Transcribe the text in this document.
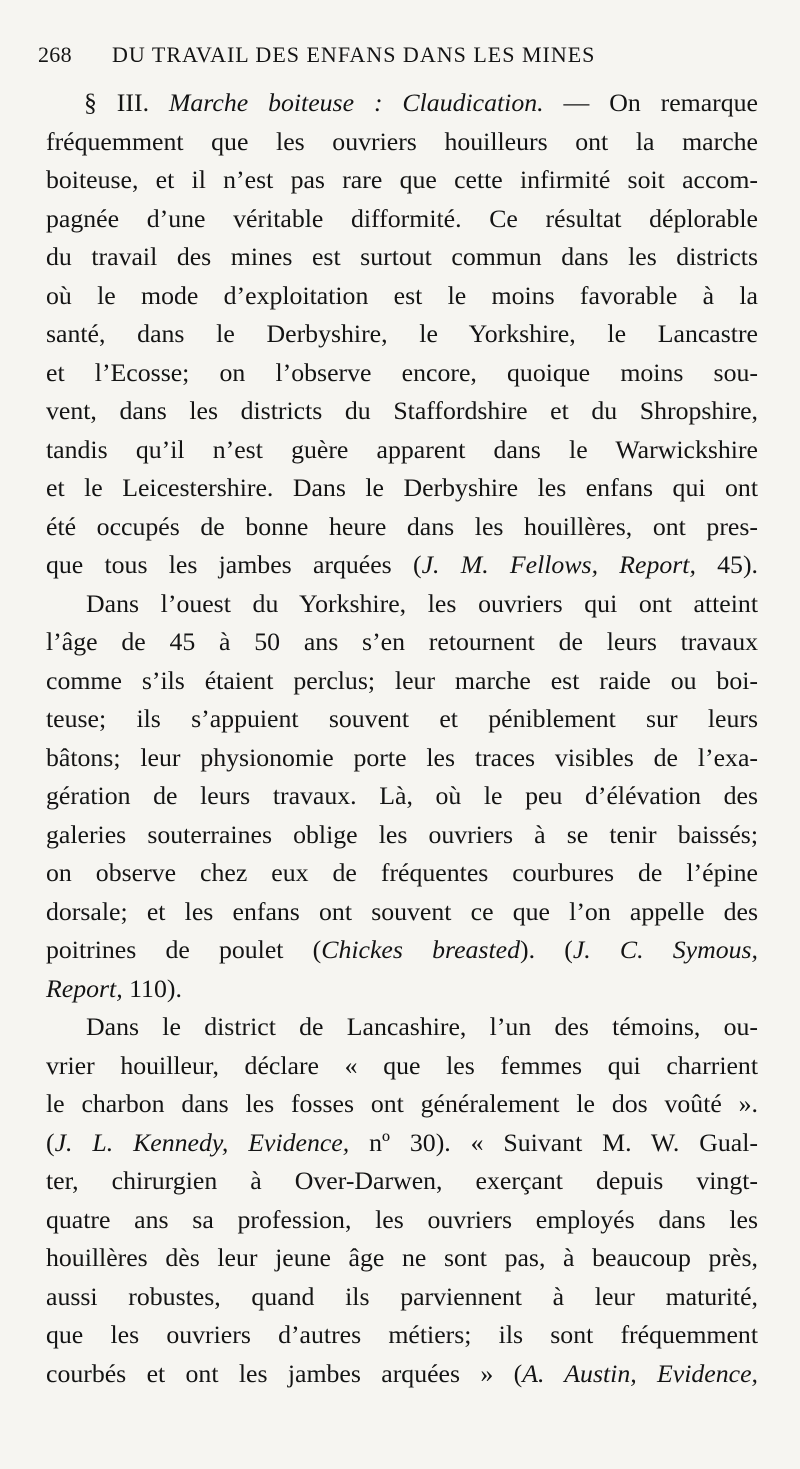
268 DU TRAVAIL DES ENFANS DANS LES MINES
§ III. Marche boiteuse : Claudication. — On remarque
fréquemment que les ouvriers houilleurs ont la marche
boiteuse, et il n’est pas rare que cette infirmité soit accom-
pagnée d’une véritable difformité. Ce résultat déplorable
du travail des mines est surtout commun dans les districts
où le mode d’exploitation est le moins favorable à la
santé, dans le Derbyshire, le Yorkshire, le Lancastre
et l’Ecosse; on l’observe encore, quoique moins sou-
vent, dans les districts du Staffordshire et du Shropshire,
tandis qu’il n’est guère apparent dans le Warwickshire
et le Leicestershire. Dans le Derbyshire les enfans qui ont
été occupés de bonne heure dans les houillères, ont pres-
que tous les jambes arquées (J. M. Fellows, Report, 45).
Dans l’ouest du Yorkshire, les ouvriers qui ont atteint
l’âge de 45 à 50 ans s’en retournent de leurs travaux
comme s’ils étaient perclus; leur marche est raide ou boi-
teuse; ils s’appuient souvent et péniblement sur leurs
bâtons; leur physionomie porte les traces visibles de l’exa-
gération de leurs travaux. Là, où le peu d’élévation des
galeries souterraines oblige les ouvriers à se tenir baissés;
on observe chez eux de fréquentes courbures de l’épine
dorsale; et les enfans ont souvent ce que l’on appelle des
poitrines de poulet (Chickes breasted). (J. C. Symous,
Report, 110).
Dans le district de Lancashire, l’un des témoins, ou-
vrier houilleur, déclare « que les femmes qui charrient
le charbon dans les fosses ont généralement le dos voûté ».
(J. L. Kennedy, Evidence, nº 30). « Suivant M. W. Gual-
ter, chirurgien à Over-Darwen, exerçant depuis vingt-
quatre ans sa profession, les ouvriers employés dans les
houillères dès leur jeune âge ne sont pas, à beaucoup près,
aussi robustes, quand ils parviennent à leur maturité,
que les ouvriers d’autres métiers; ils sont fréquemment
courbés et ont les jambes arquées » (A. Austin, Evidence,
